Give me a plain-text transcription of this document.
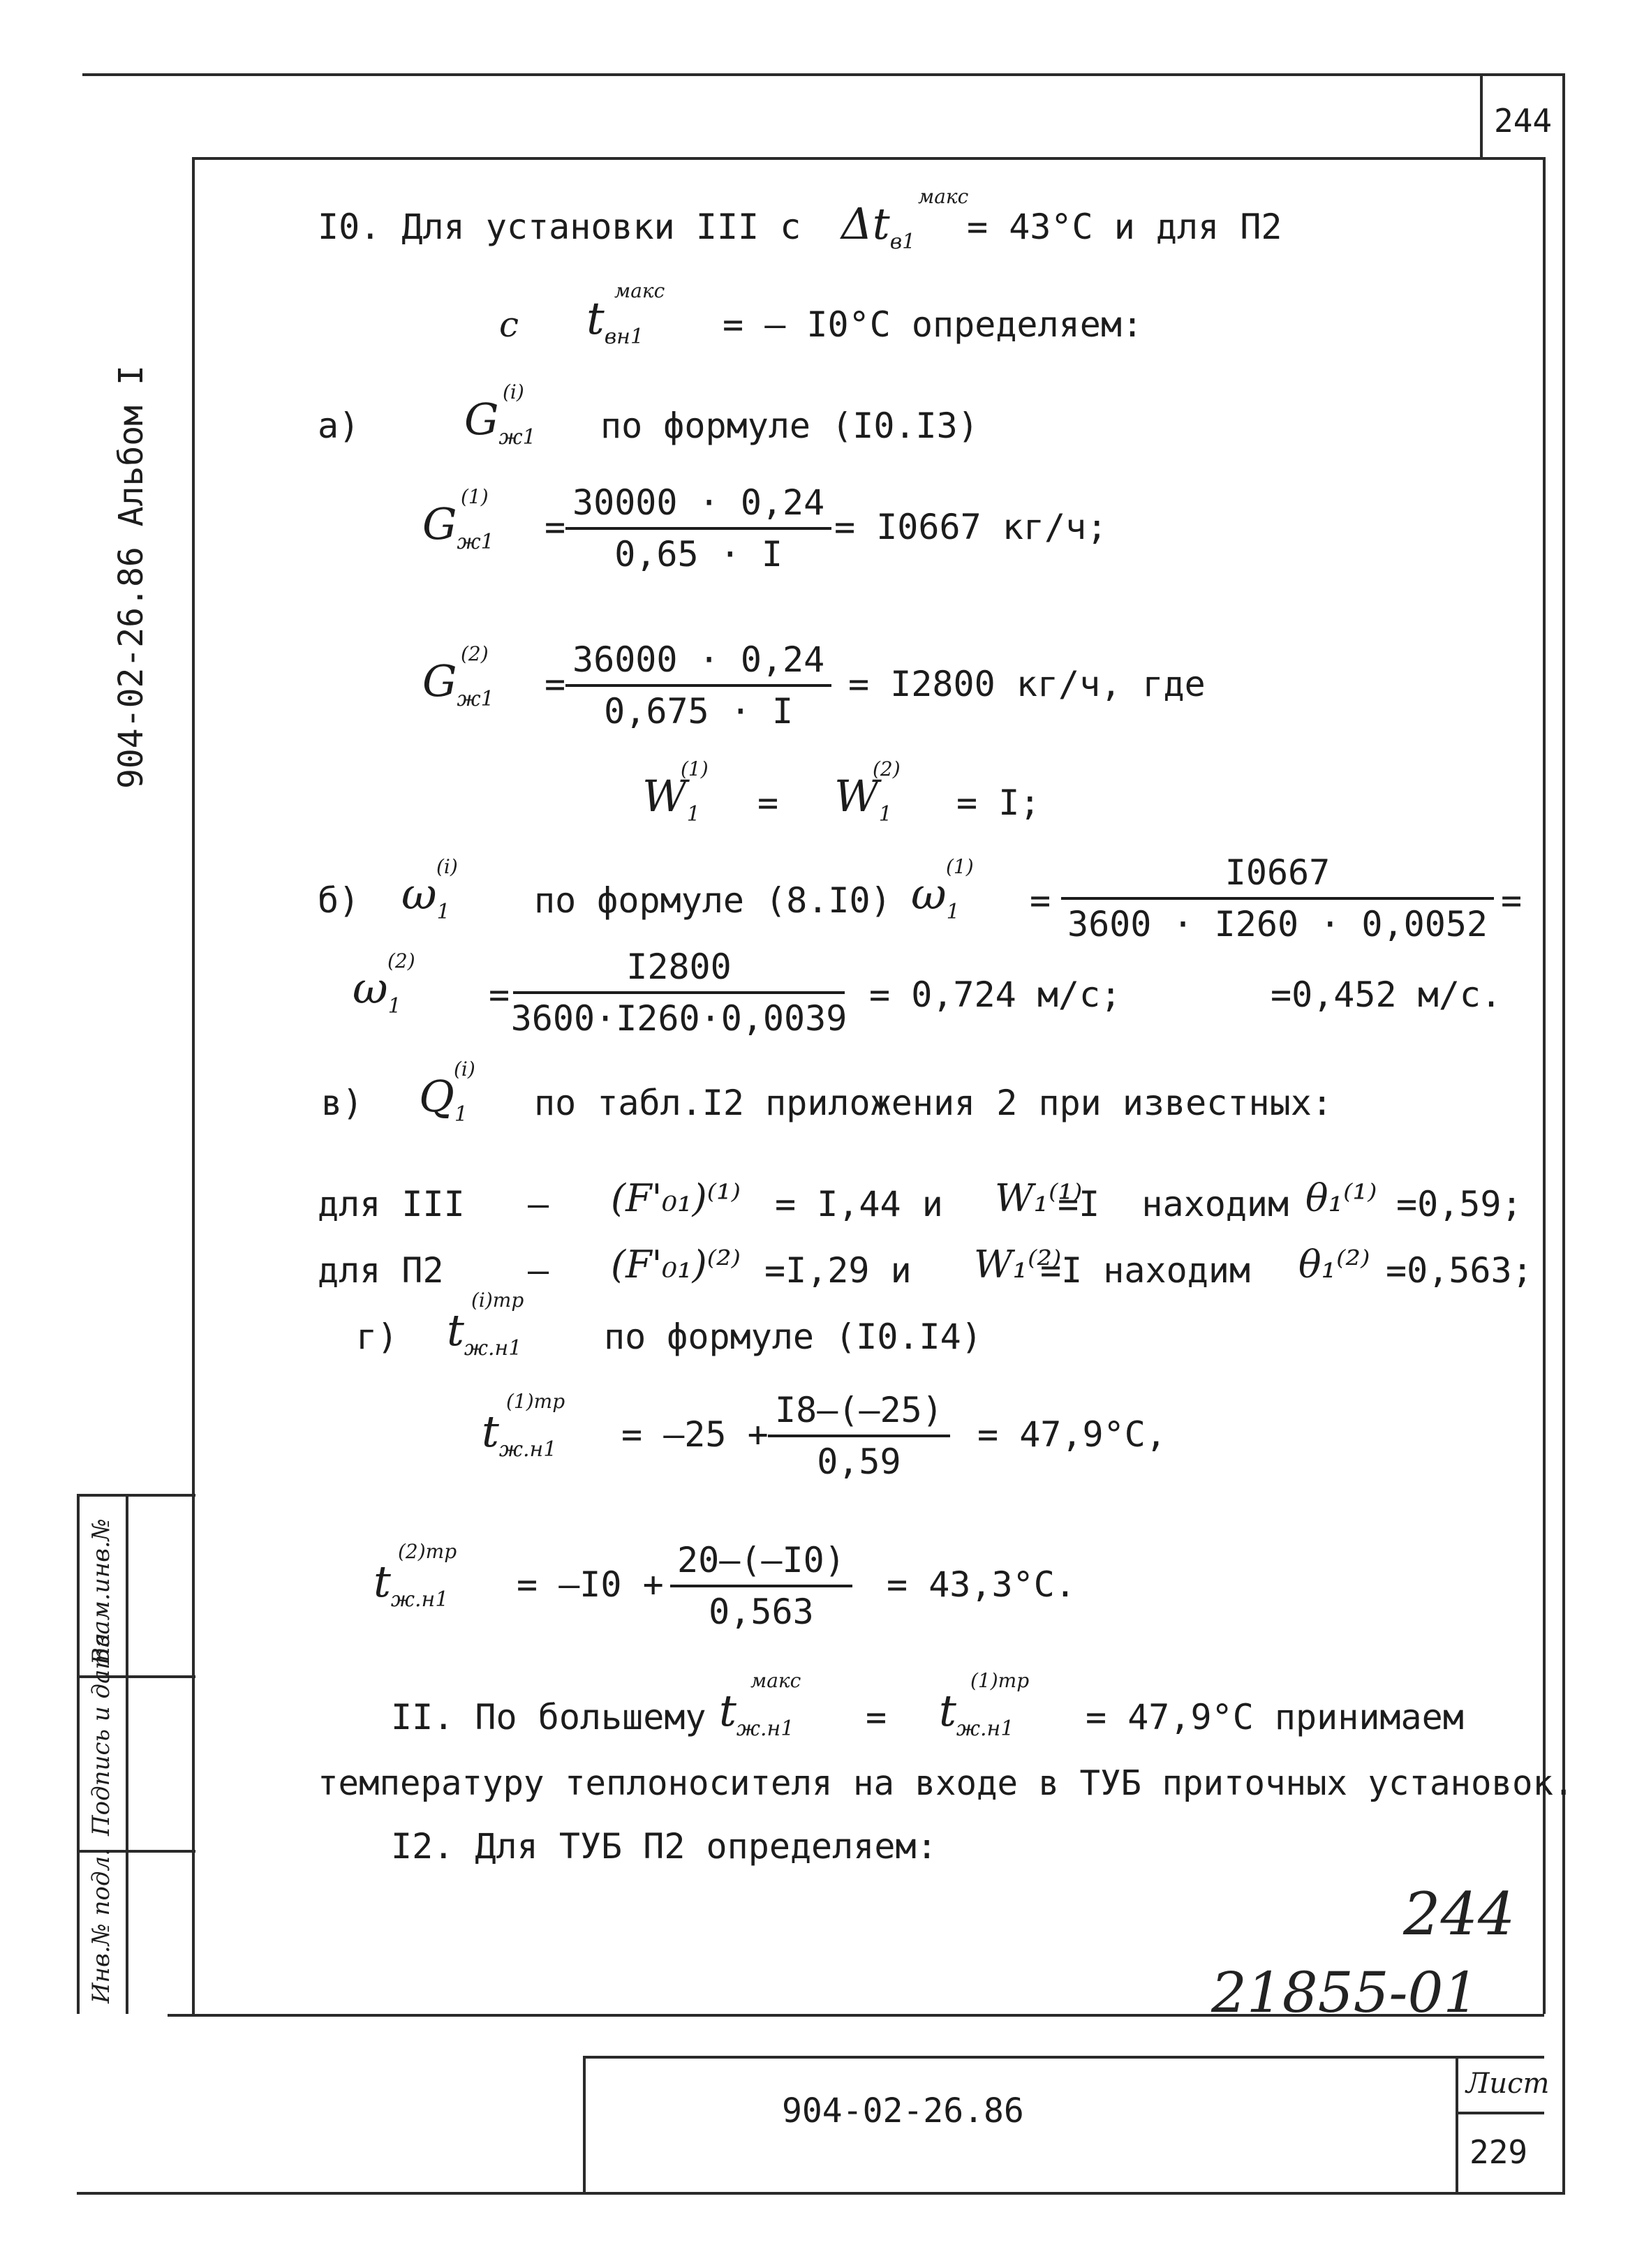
244
Инв.№ подл.
Подпись и дата
Взам.инв.№
904-02-26.86 Альбом I
I0. Для установки III с $\Delta t_{в1}$
макс
= 43°С и для П2
с $t_{вн1}$
макс
= – I0°С определяем:
а) $G_{ж1}$
(i)
по формуле (I0.I3)
$G_{ж1}$
(1)
= $\frac{30000 \cdot 0,24}{0,65 \cdot I} = I0667$ кг/ч;
$G_{ж1}$
(2)
= $\frac{36000 \cdot 0,24}{0,675 \cdot I} = I2800$ кг/ч, где
$W_1$
(1)
= $W_1$
(2)
= I;
б) $\omega_1$
(i)
по формуле (8.I0) $\omega_1$
(1)
= $\frac{I0667}{3600 \cdot I260 \cdot 0,0052}$ =
$\omega_1$
(2)
= $\frac{I2800}{3600\cdot I260\cdot 0,0039} = 0,724$ м/с;	=0,452 м/с.
в) $Q_1$
(i)
по табл.I2 приложения 2 при известных:
для III   – (F'₀₁)⁽¹⁾ = I,44 и W₁⁽¹⁾
=I  находим θ₁⁽¹⁾ =0,59;
для П2    – (F'₀₁)⁽²⁾ =I,29 и W₁⁽²⁾
=I находим θ₁⁽²⁾ =0,563;
г) $t_{ж.н1}$
(i)тр
по формуле (I0.I4)
$t_{ж.н1}$
(1)тр
= $-25 + \frac{I8-(-25)}{0,59} = 47,9^\circ С$,
$t_{ж.н1}$
(2)тр
= $-I0 + \frac{20-(-I0)}{0,563} = 43,3^\circ С$.
II. По большему $t_{ж.н1}$
макс
= $t_{ж.н1}$
(1)тр
= 47,9°С принимаем
температуру теплоносителя на входе в ТУБ приточных установок.
I2. Для ТУБ П2 определяем:
244
21855-01
904-02-26.86
Лист
229
